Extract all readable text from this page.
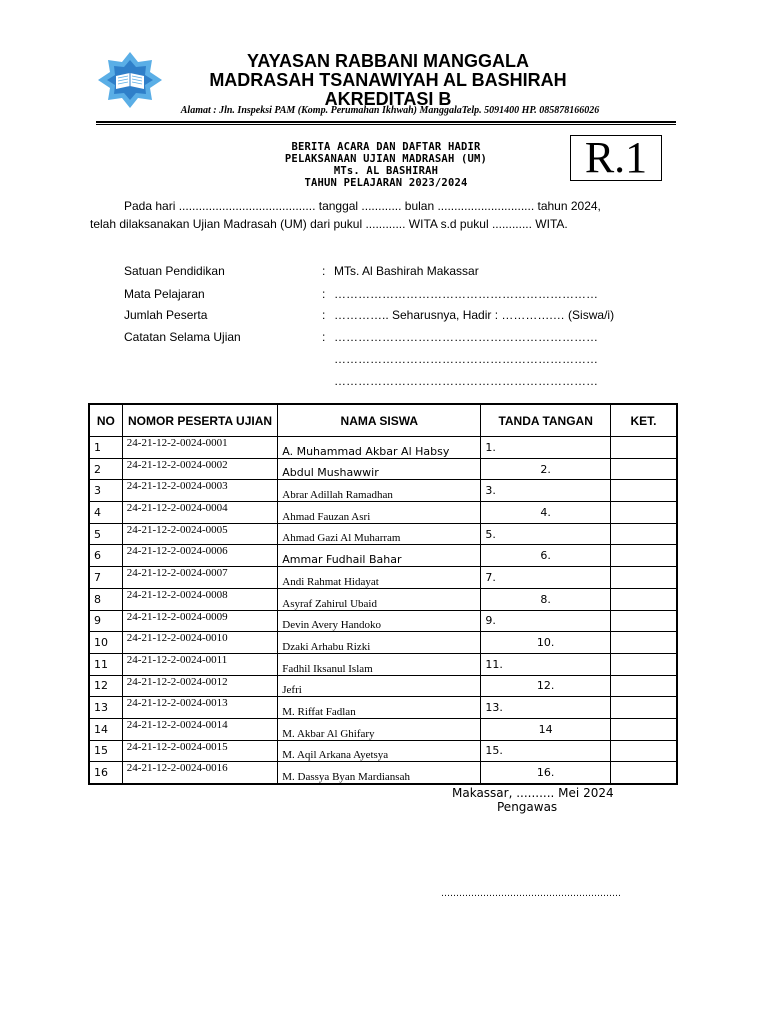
YAYASAN RABBANI MANGGALA
MADRASAH TSANAWIYAH AL BASHIRAH
AKREDITASI B
Alamat : Jln. Inspeksi PAM (Komp. Perumahan Ikhwah) ManggalaTelp. 5091400 HP. 085878166026
BERITA ACARA DAN DAFTAR HADIR
PELAKSANAAN UJIAN MADRASAH (UM)
MTs. AL BASHIRAH
TAHUN PELAJARAN 2023/2024
R.1
Pada hari ......................................... tanggal ............ bulan ............................. tahun 2024,
telah dilaksanakan Ujian Madrasah (UM) dari pukul ............ WITA s.d pukul ............ WITA.
Satuan Pendidikan	: MTs. Al Bashirah Makassar
Mata Pelajaran	: …………………………………………………………
Jumlah Peserta	: ………….. Seharusnya, Hadir : ………….… (Siswa/i)
Catatan Selama Ujian	: …………………………………………………………
…………………………………………………………
…………………………………………………………
NO	NOMOR PESERTA UJIAN	NAMA SISWA	TANDA TANGAN	KET.
1	24-21-12-2-0024-0001	A. Muhammad Akbar Al Habsy	1.	
2	24-21-12-2-0024-0002	Abdul Mushawwir	2.	
3	24-21-12-2-0024-0003	Abrar Adillah Ramadhan	3.	
4	24-21-12-2-0024-0004	Ahmad Fauzan Asri	4.	
5	24-21-12-2-0024-0005	Ahmad Gazi Al Muharram	5.	
6	24-21-12-2-0024-0006	Ammar Fudhail Bahar	6.	
7	24-21-12-2-0024-0007	Andi Rahmat Hidayat	7.	
8	24-21-12-2-0024-0008	Asyraf Zahirul Ubaid	8.	
9	24-21-12-2-0024-0009	Devin Avery Handoko	9.	
10	24-21-12-2-0024-0010	Dzaki Arhabu Rizki	10.	
11	24-21-12-2-0024-0011	Fadhil Iksanul Islam	11.	
12	24-21-12-2-0024-0012	Jefri	12.	
13	24-21-12-2-0024-0013	M. Riffat Fadlan	13.	
14	24-21-12-2-0024-0014	M. Akbar Al Ghifary	14	
15	24-21-12-2-0024-0015	M. Aqil Arkana Ayetsya	15.	
16	24-21-12-2-0024-0016	M. Dassya Byan Mardiansah	16.	
Makassar, .......... Mei 2024
Pengawas
……………………………………………………
